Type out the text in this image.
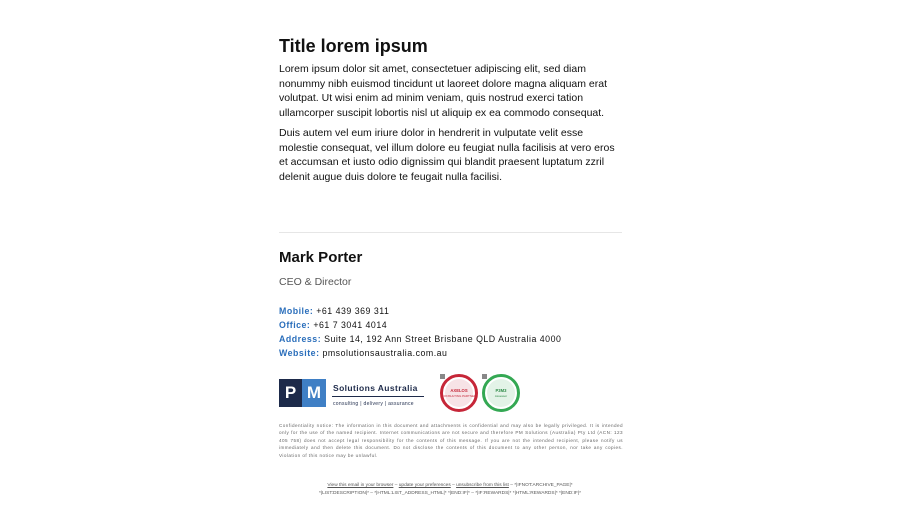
Title lorem ipsum

Lorem ipsum dolor sit amet, consectetuer adipiscing elit, sed diam nonummy nibh euismod tincidunt ut laoreet dolore magna aliquam erat volutpat. Ut wisi enim ad minim veniam, quis nostrud exerci tation ullamcorper suscipit lobortis nisl ut aliquip ex ea commodo consequat.

Duis autem vel eum iriure dolor in hendrerit in vulputate velit esse molestie consequat, vel illum dolore eu feugiat nulla facilisis at vero eros et accumsan et iusto odio dignissim qui blandit praesent luptatum zzril delenit augue duis dolore te feugait nulla facilisi.

Mark Porter
CEO & Director
Mobile: +61 439 369 311
Office: +61 7 3041 4014
Address: Suite 14, 192 Ann Street Brisbane QLD Australia 4000
Website: pmsolutionsaustralia.com.au
P M	Solutions Australia
consulting | delivery | assurance
AXELOS
CONSULTING PARTNER
P3M3
Assessor
Confidentiality notice: The information in this document and attachments is confidential and may also be legally privileged. It is intended only for the use of the named recipient. Internet communications are not secure and therefore PM Solutions (Australia) Pty Ltd (ACN: 123 405 758) does not accept legal responsibility for the contents of this message. If you are not the intended recipient, please notify us immediately and then delete this document. Do not disclose the contents of this document to any other person, nor take any copies. Violation of this notice may be unlawful.
View this email in your browser – update your preferences – unsubscribe from this list – *|IFNOT:ARCHIVE_PAGE|*
*|LIST:DESCRIPTION|* – *|HTML:LIST_ADDRESS_HTML|* *|END:IF|* – *|IF:REWARDS|* *|HTML:REWARDS|* *|END:IF|*
